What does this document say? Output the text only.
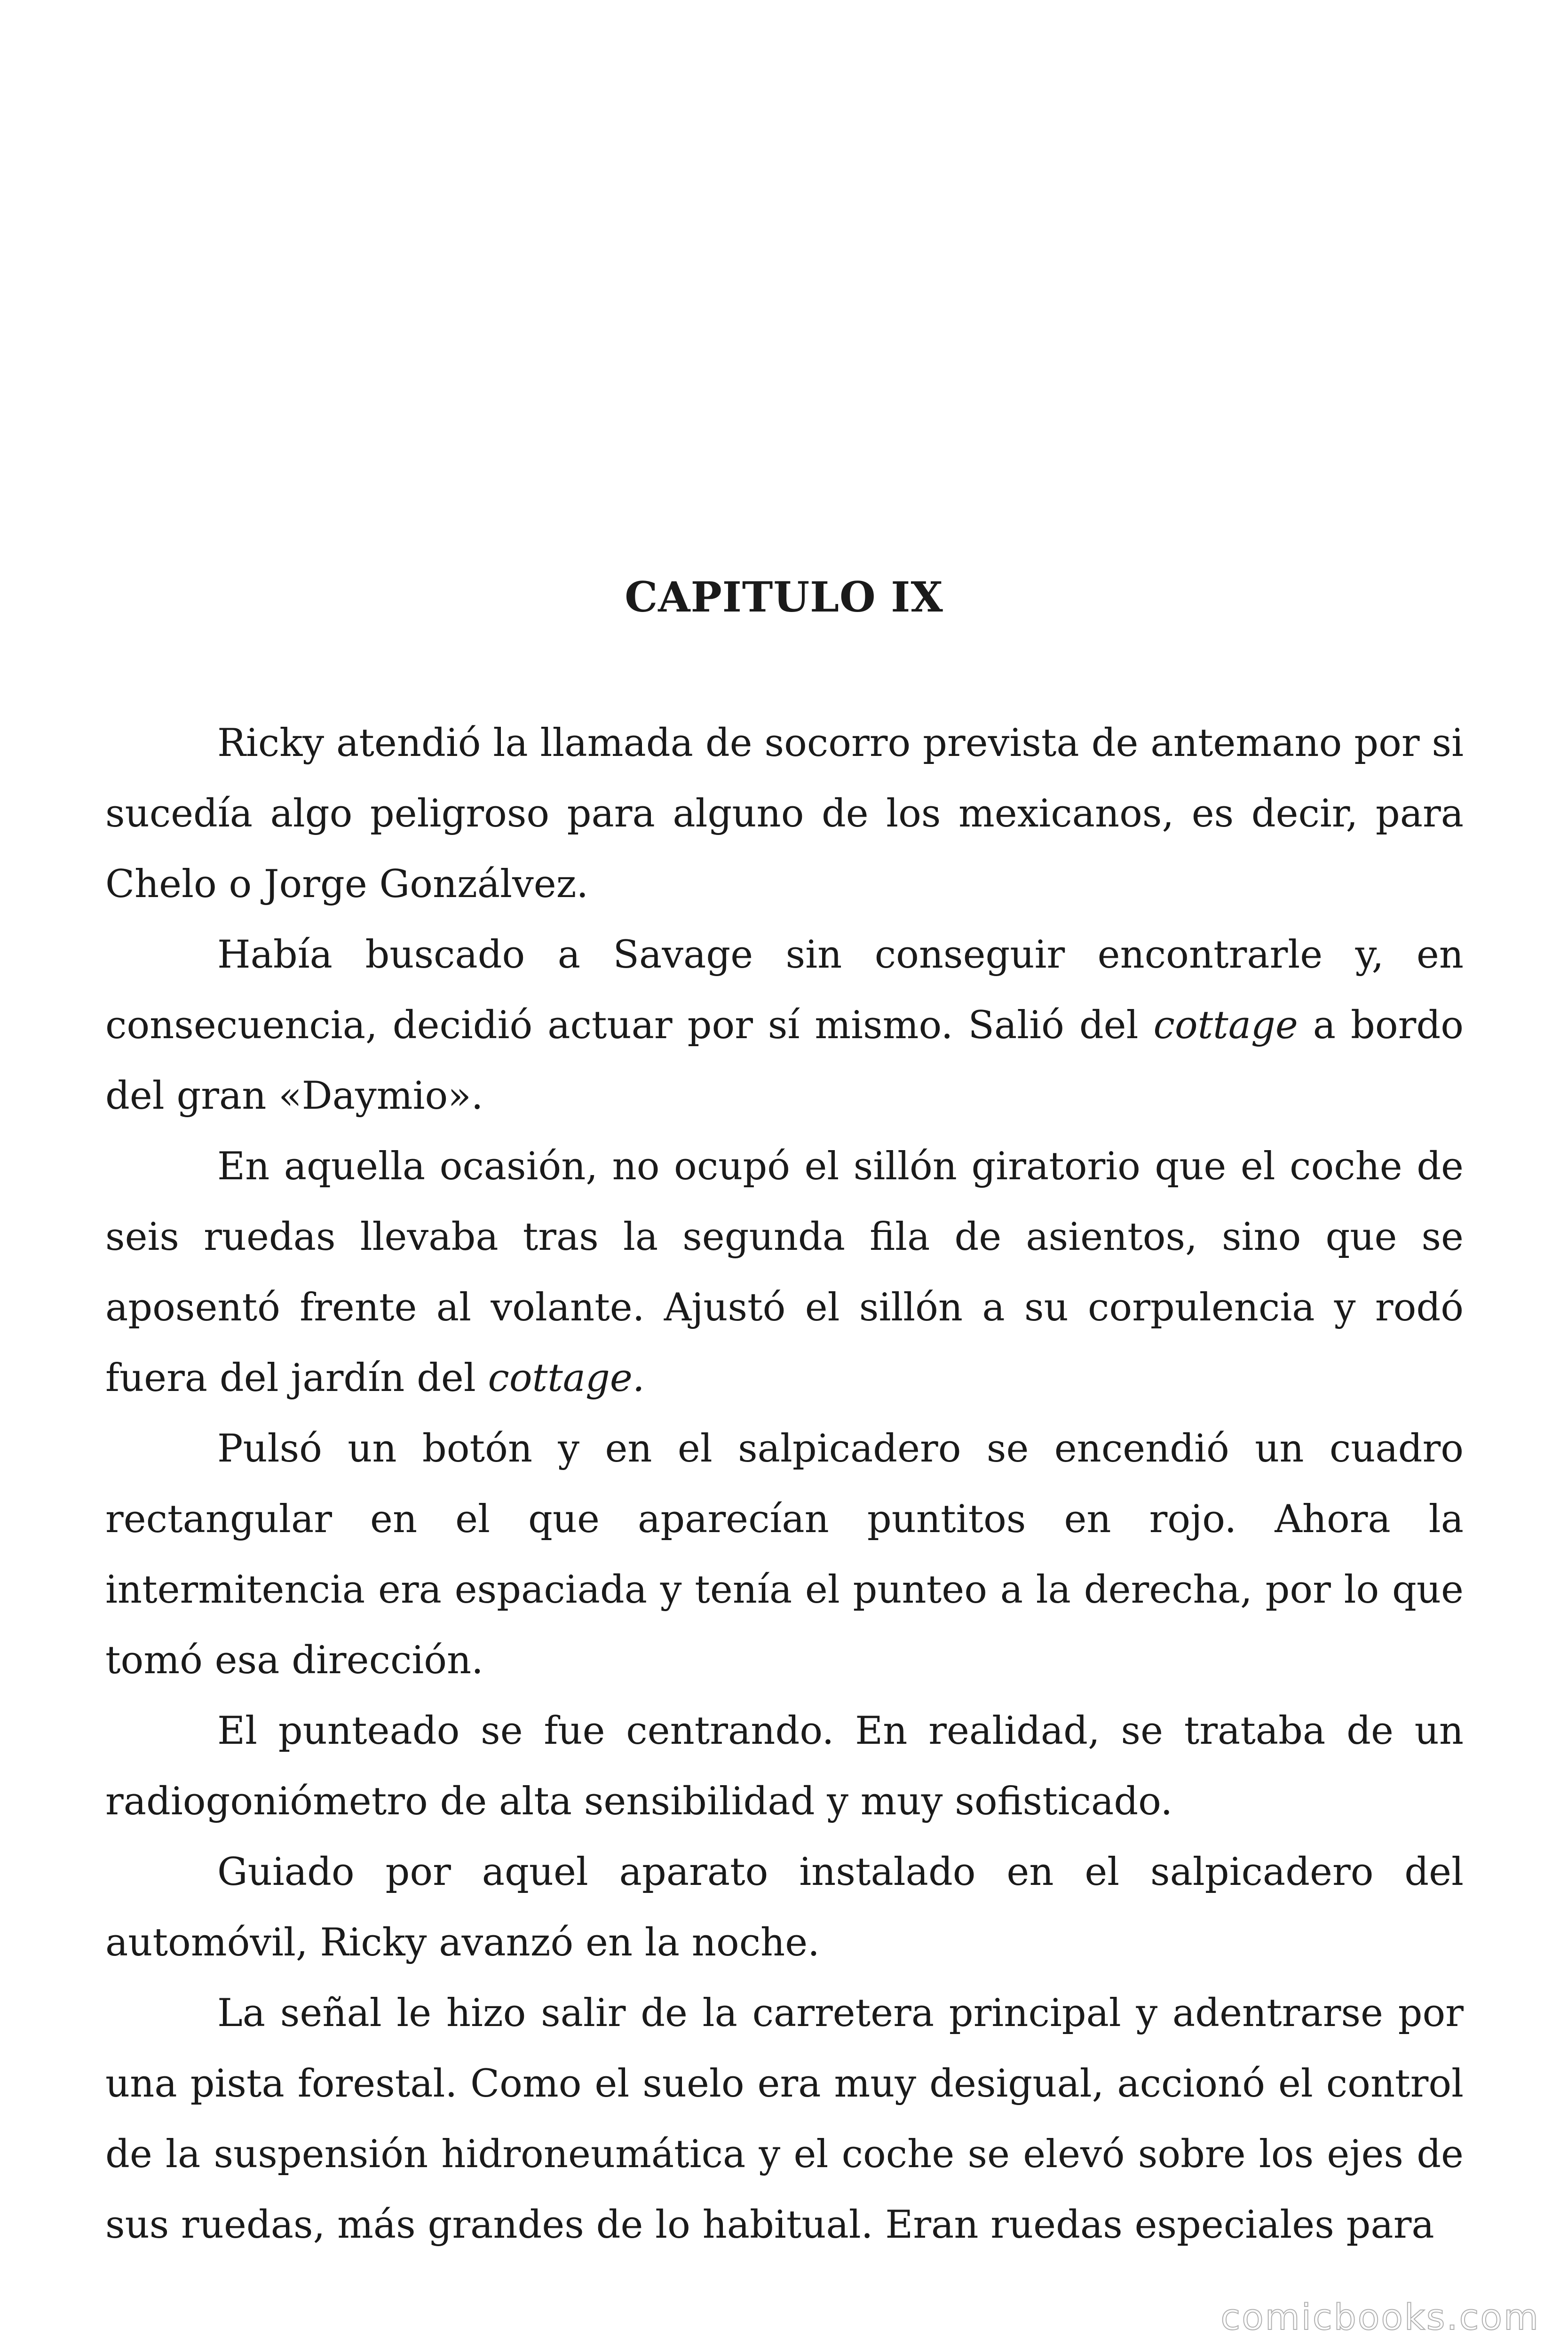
CAPITULO IX

Ricky atendió la llamada de socorro prevista de antemano por si sucedía algo peligroso para alguno de los mexicanos, es decir, para Chelo o Jorge Gonzálvez.

Había buscado a Savage sin conseguir encontrarle y, en consecuencia, decidió actuar por sí mismo. Salió del cottage a bordo del gran «Daymio».

En aquella ocasión, no ocupó el sillón giratorio que el coche de seis ruedas llevaba tras la segunda fila de asientos, sino que se aposentó frente al volante. Ajustó el sillón a su corpulencia y rodó fuera del jardín del cottage.

Pulsó un botón y en el salpicadero se encendió un cuadro rectangular en el que aparecían puntitos en rojo. Ahora la intermitencia era espaciada y tenía el punteo a la derecha, por lo que tomó esa dirección.

El punteado se fue centrando. En realidad, se trataba de un radiogoniómetro de alta sensibilidad y muy sofisticado.

Guiado por aquel aparato instalado en el salpicadero del automóvil, Ricky avanzó en la noche.

La señal le hizo salir de la carretera principal y adentrarse por una pista forestal. Como el suelo era muy desigual, accionó el control de la suspensión hidroneumática y el coche se elevó sobre los ejes de sus ruedas, más grandes de lo habitual. Eran ruedas especiales para

comicbooks.com
